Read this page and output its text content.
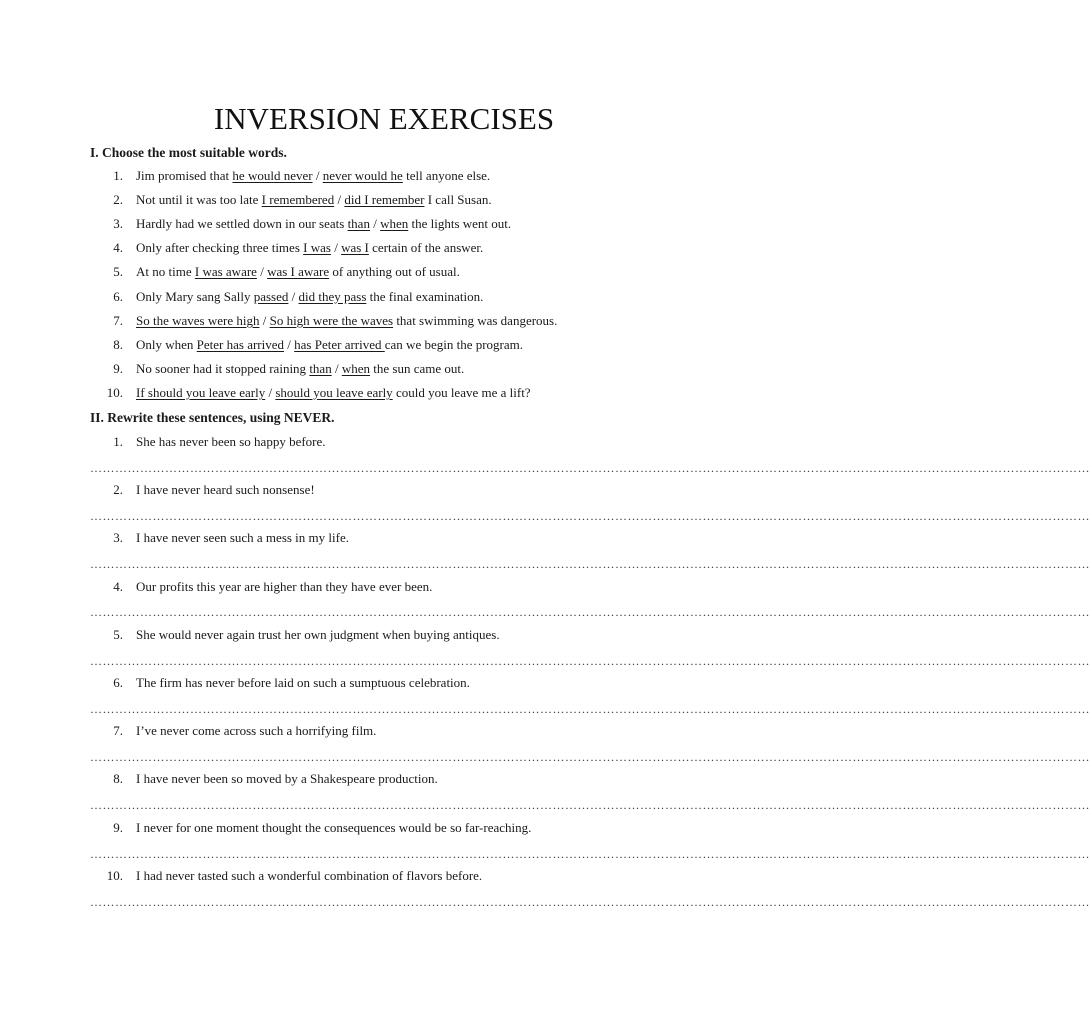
INVERSION EXERCISES
I. Choose the most suitable words.
1. Jim promised that he would never / never would he tell anyone else.
2. Not until it was too late I remembered / did I remember I call Susan.
3. Hardly had we settled down in our seats than / when the lights went out.
4. Only after checking three times I was / was I certain of the answer.
5. At no time I was aware / was I aware of anything out of usual.
6. Only Mary sang Sally passed / did they pass the final examination.
7. So the waves were high / So high were the waves that swimming was dangerous.
8. Only when Peter has arrived / has Peter arrived can we begin the program.
9. No sooner had it stopped raining than / when the sun came out.
10. If should you leave early / should you leave early could you leave me a lift?
II. Rewrite these sentences, using NEVER.
1. She has never been so happy before.
……………………………………………………………………………………………………………………………………………………………………………………………………………………
2. I have never heard such nonsense!
……………………………………………………………………………………………………………………………………………………………………………………………………………………
3. I have never seen such a mess in my life.
……………………………………………………………………………………………………………………………………………………………………………………………………………………
4. Our profits this year are higher than they have ever been.
……………………………………………………………………………………………………………………………………………………………………………………………………………………
5. She would never again trust her own judgment when buying antiques.
……………………………………………………………………………………………………………………………………………………………………………………………………………………
6. The firm has never before laid on such a sumptuous celebration.
……………………………………………………………………………………………………………………………………………………………………………………………………………………
7. I’ve never come across such a horrifying film.
……………………………………………………………………………………………………………………………………………………………………………………………………………………
8. I have never been so moved by a Shakespeare production.
……………………………………………………………………………………………………………………………………………………………………………………………………………………
9. I never for one moment thought the consequences would be so far-reaching.
……………………………………………………………………………………………………………………………………………………………………………………………………………………
10. I had never tasted such a wonderful combination of flavors before.
……………………………………………………………………………………………………………………………………………………………………………………………………………………
